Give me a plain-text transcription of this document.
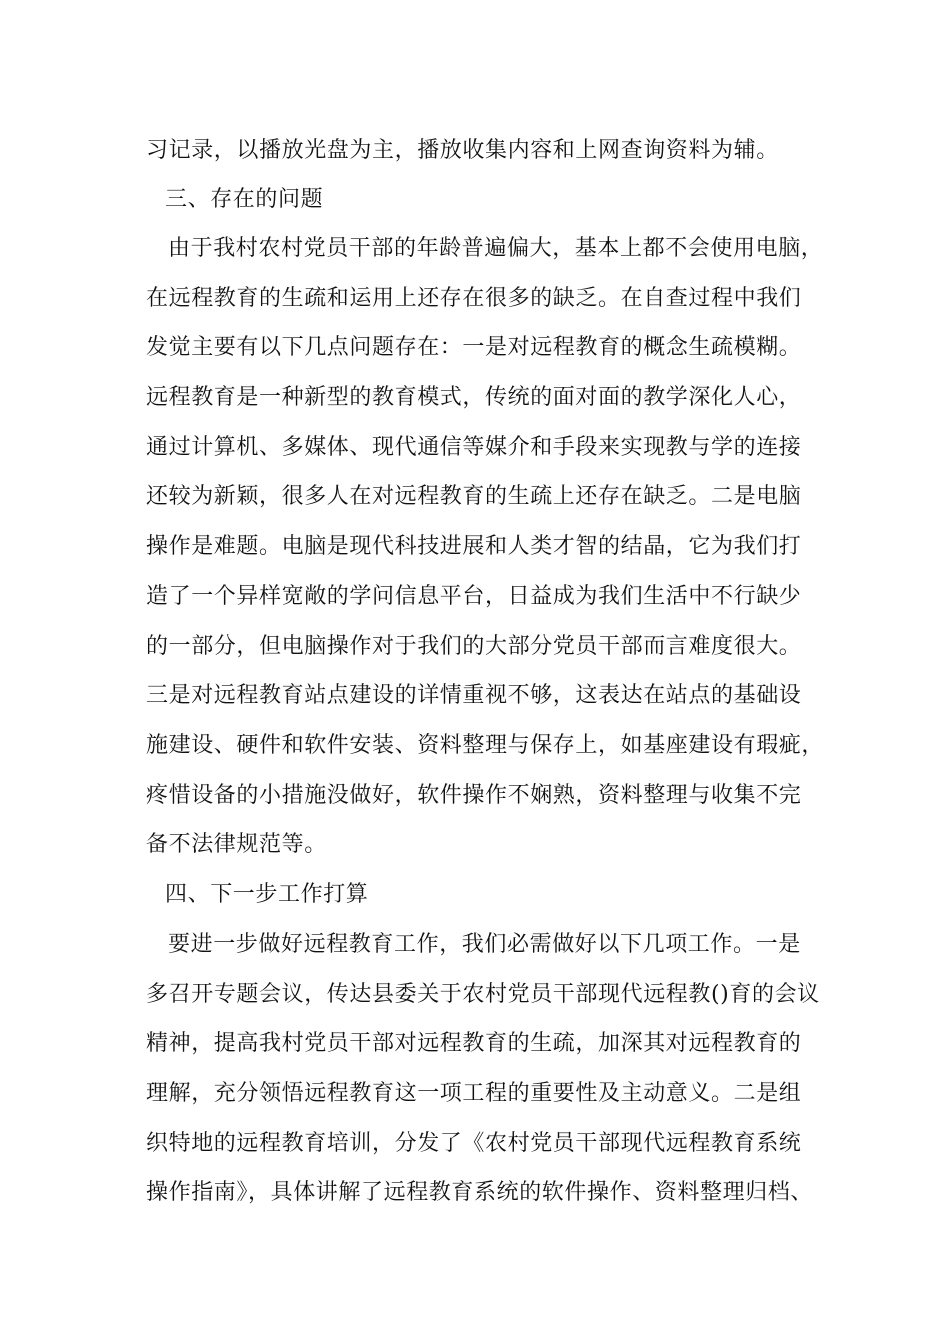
习记录，以播放光盘为主，播放收集内容和上网查询资料为辅。
三、存在的问题
由于我村农村党员干部的年龄普遍偏大，基本上都不会使用电脑，
在远程教育的生疏和运用上还存在很多的缺乏。在自查过程中我们
发觉主要有以下几点问题存在：一是对远程教育的概念生疏模糊。
远程教育是一种新型的教育模式，传统的面对面的教学深化人心，
通过计算机、多媒体、现代通信等媒介和手段来实现教与学的连接
还较为新颖，很多人在对远程教育的生疏上还存在缺乏。二是电脑
操作是难题。电脑是现代科技进展和人类才智的结晶，它为我们打
造了一个异样宽敞的学问信息平台，日益成为我们生活中不行缺少
的一部分，但电脑操作对于我们的大部分党员干部而言难度很大。
三是对远程教育站点建设的详情重视不够，这表达在站点的基础设
施建设、硬件和软件安装、资料整理与保存上，如基座建设有瑕疵，
疼惜设备的小措施没做好，软件操作不娴熟，资料整理与收集不完
备不法律规范等。
四、下一步工作打算
要进一步做好远程教育工作，我们必需做好以下几项工作。一是
多召开专题会议，传达县委关于农村党员干部现代远程教()育的会议
精神，提高我村党员干部对远程教育的生疏，加深其对远程教育的
理解，充分领悟远程教育这一项工程的重要性及主动意义。二是组
织特地的远程教育培训，分发了《农村党员干部现代远程教育系统
操作指南》，具体讲解了远程教育系统的软件操作、资料整理归档、
